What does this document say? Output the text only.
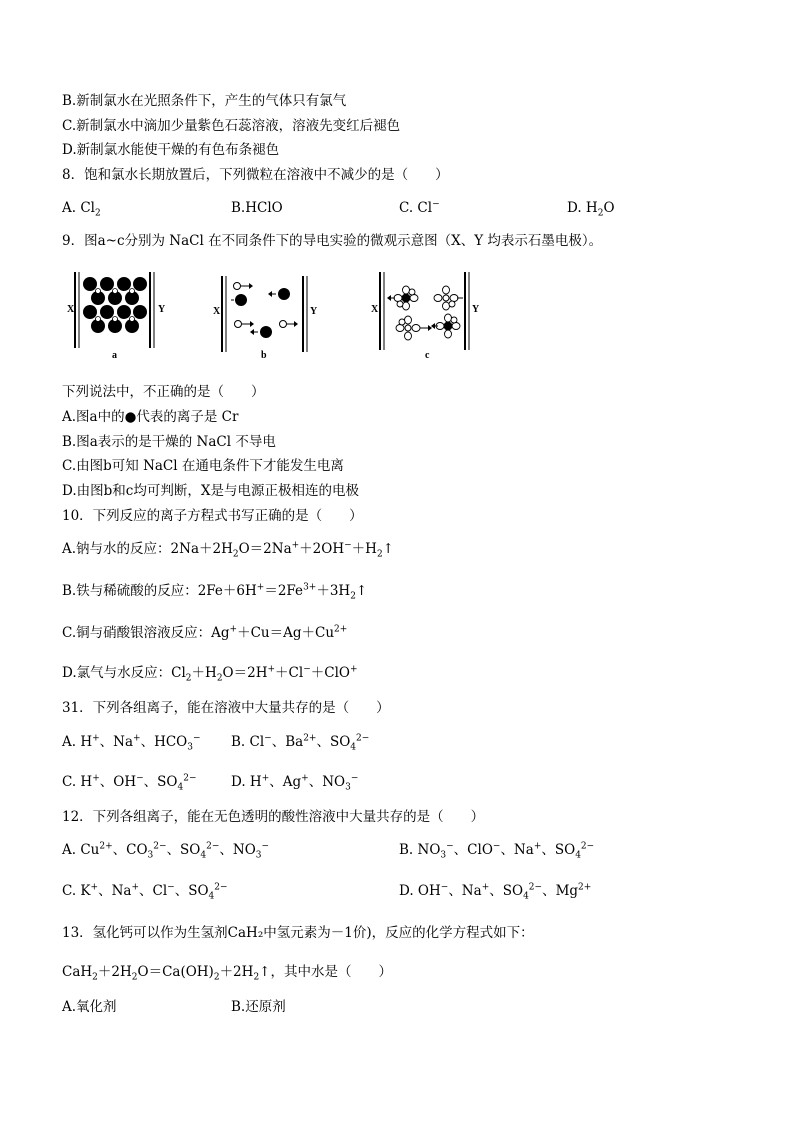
B.新制氯水在光照条件下，产生的气体只有氯气
C.新制氯水中滴加少量紫色石蕊溶液，溶液先变红后褪色
D.新制氯水能使干燥的有色布条褪色
8．饱和氯水长期放置后，下列微粒在溶液中不减少的是（　　）
A. $Cl_2$	B.HClO	C. Cl−	D. $H_2O$
9．图a~c分别为 NaCl 在不同条件下的导电实验的微观示意图（X、Y 均表示石墨电极）。
X	Y
a
X	Y
b
X	Y
c
下列说法中，不正确的是（　　）
A.图a中的●代表的离子是 Cr
B.图a表示的是干燥的 NaCl 不导电
C.由图b可知 NaCl 在通电条件下才能发生电离
D.由图b和c均可判断，X是与电源正极相连的电极
10．下列反应的离子方程式书写正确的是（　　）
A.钠与水的反应：$2Na+2H_2O=2Na^++2OH^-+H_2↑$
B.铁与稀硫酸的反应：$2Fe+6H^+=2Fe^{3+}+3H_2↑$
C.铜与硝酸银溶液反应：$Ag^++Cu=Ag+Cu^{2+}$
D.氯气与水反应：$Cl_2+H_2O=2H^++Cl^-+ClO^+$
31．下列各组离子，能在溶液中大量共存的是（　　）
A. H+、Na+、$HCO_3^-$ B. Cl−、$Ba^{2+}$、$SO_4^{2-}$
C. H+、OH−、$SO_4^{2-}$	D. H+、Ag+、$NO_3^-$
12．下列各组离子，能在无色透明的酸性溶液中大量共存的是（　　）
A. $Cu^{2+}$、$CO_3^{2-}$、$SO_4^{2-}$、$NO_3^-$	B. $NO_3^-$、ClO−、Na+、$SO_4^{2-}$
C. K+、Na+、Cl−、$SO_4^{2-}$	D. OH−、Na+、$SO_4^{2-}$、$Mg^{2+}$
13．氢化钙可以作为生氢剂CaH₂中氢元素为－1价)，反应的化学方程式如下：
$CaH_2+2H_2O=Ca(OH)_2+2H_2↑$，其中水是（　　）
A.氧化剂	B.还原剂
